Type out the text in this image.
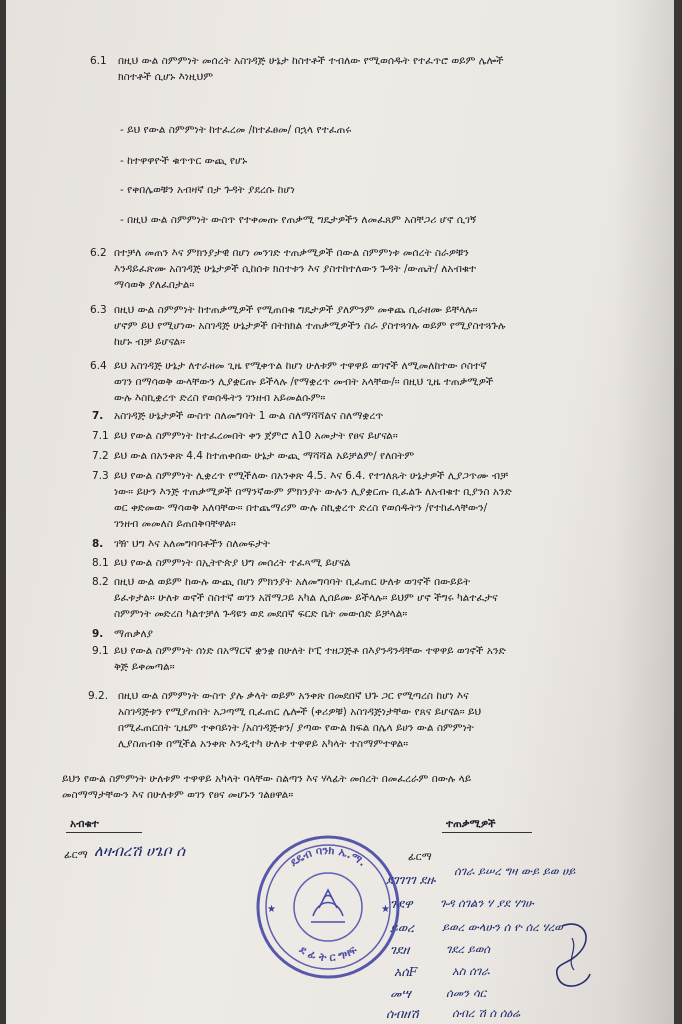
6.1 በዚህ ውል ስምምነት መሰረት አስገዳጅ ሁኔታ ከስተቶች ተብለው የሚወሰዱት የተፈጥሮ ወይም ሌሎች

ክስተቶች ሲሆኑ እነዚህም

- ይህ የውል ስምምነት ከተፈረመ /ከተፈፀመ/ በኋላ የተፈጠሩ

- ከተዋዋዮች ቁጥጥር ውጪ የሆኑ

- የቀበሌወቹን አብዛኛ በታ ጉዳት ያደረሱ ከሆነ

- በዚህ ውል ስምምነት ውስጥ የተቀመጡ የጠቃሚ ግዴታዎችን ለመፈጸም አስቸጋሪ ሆኖ ሲገኝ

6.2 በተቻለ መጠን እና ምክንያታዊ በሆነ መንገድ ተጠቃሚዎች በውል ስምምነቱ መሰረት ስራዎቹን

እንዳይፈጽሙ አስገዳጅ ሁኔታዎች ሲከሰቱ ክስተቱን እና ያስተከተለውን ጉዳት /ውጤት/ ለአብቁተ

ማሳወቅ ያለፈበታል።

6.3 በዚህ ውል ስምምነት ከተጠቃሚዎች የሚጠበቁ ግዴታዎች ያለምንም መቀጨ ሲራዘሙ ይቸላሉ።

ሆኖም ይህ የሚሆነው አስገዳጅ ሁኔታዎች በትክክል ተጠቃሚዎችን ስራ ያስተጓጎሉ ወይም የሚያስተጓጉሉ

ከሆኑ ብቻ ይሆናል።

6.4 ይህ አስገዳጅ ሁኔታ ለተራዘመ ጊዜ የሚቀጥል ከሆነ ሁለቱም ተዋዋይ ወገኖች ለሚመለከተው ሶስተኛ

ወገን በማሳወቅ ውላቸውን ሊያቋርጡ ይችላሉ /የማቋረጥ መብት አላቸው/። በዚህ ጊዜ ተጠቃሚዎች

ውሉ እስኪቋረጥ ድረስ የወሰዱትን ገንዘብ አይመልሱም።

7. አስገዳጅ ሁኔታዎች ውስጥ ስለመግባት 1 ውል ስለማሻሻልና ስለማቋረጥ

7.1 ይህ የውል ስምምነት ከተፈረመበት ቀን ጀምሮ ለ10 አመታት የፀና ይሆናል።

7.2 ይህ ውል በአንቀጽ 4.4 ከተጠቀሰው ሁኔታ ውጪ ማሻሻል አይቻልም/ የለበትም

7.3 ይህ የውል ስምምነት ሊቋረጥ የሚችለው በአንቀጽ 4.5. እና 6.4. የተገለጹት ሁኔታዎች ሊያጋጥሙ ብቻ

ነው። ይሁን እንጅ ተጠቃሚዎች በማንኛውም ምክንያት ውሉን ሊያቋርጡ ቢፈልጉ ለአብቁተ ቢያንስ አንድ

ወር ቀድመው ማሳወቅ አለባቸው። በተጨማሪም ውሉ ስኪቋረጥ ድረስ የወሰዱትን /የተከፈላቸውን/

ገንዘብ መመለስ ይጠበቅባቸዋል።

8. ገዥ ህግ እና አለመግባባቶችን ስለመፍታት

8.1 ይህ የውል ስምምነት በኢትዮጵያ ህግ መሰረት ተፈጻሚ ይሆናል

8.2 በዚህ ውል ወይም ከውሉ ውጪ በሆነ ምክንያት አለመግባባት ቢፈጠር ሁለቱ ወገኖች በውይይት

ይፈቱታል። ሁለቱ ወኖች ስስተኛ ወገን አሸማጋይ አካል ሊሰይሙ ይችላሉ። ይህም ሆኖ ችግሩ ካልተፈታና

ስምምነት መድረስ ካልተቻለ ጉዳዩን ወደ መደበኛ ፍርድ ቤት መውሰድ ይቻላል።

9. ማጠቃለያ

9.1 ይህ የውል ስምምነት ሰነድ በአማርኛ ቋንቋ በሁለት ኮፒ ተዘጋጅቶ በእያንዳንዳቸው ተዋዋይ ወገኖች አንድ

ቅጅ ይቀመጣል።

9.2. በዚህ ውል ስምምነት ውስጥ ያሉ ቃላት ወይም አንቀጽ በመደበኛ ህጉ ጋር የሚጣረስ ከሆነ እና

አስገዳጅቱን የሚያጠበት አጋጣሚ ቢፈጠር ሌሎች (ቀሪዎቹ) አስገዳጅነታቸው የጸና ይሆናል። ይህ

በሚፈጠርበት ጊዜም ተቀባይነት /አስገዳጅቱን/ ያጣው የውል ክፍል በሌላ ይሀን ውል ስምምነት

ሊያስጠብቅ በሚችል አንቀጽ እንዲተካ ሁለቱ ተዋዋይ አካላት ተስማምተዋል።

ይህን የውል ስምምነት ሁለቱም ተዋዋይ አካላት ባላቸው ስልጣን እና ሃላፊት መሰረት በመፈረራም በውሉ ላይ

መስማማታቸውን እና በሁለቱም ወገን የፀና መሆኑን ገልፀዋል።

አብቁተ	ተጠቃሚዎች

ፊርማ ለዛብረሽ ሀጌቦ ሰ	ፊርማ

ደገገገገ ደዙ
ጉደዋ
ይወረ
ገደዘ
አሰF
መሣ
ሰብዘሽ
ሰገራ ይሠረ ግዛ ውይ ይወ ሀይ
ጉዳ ሰገልን ሃ ያደ ሃገሁ
ይወረ ውላሁን ሰ ዮ ሰረ ሃረወ
ገደረ ይወሰ
አስ ሰገራ
ሰመን ሳር
ሰብረ ሽ ሰ ሰዕሬ
ደዴብ ባንክ ኤ.ማ.
ደ ፊ ት ር ግዛፍ
★	★
